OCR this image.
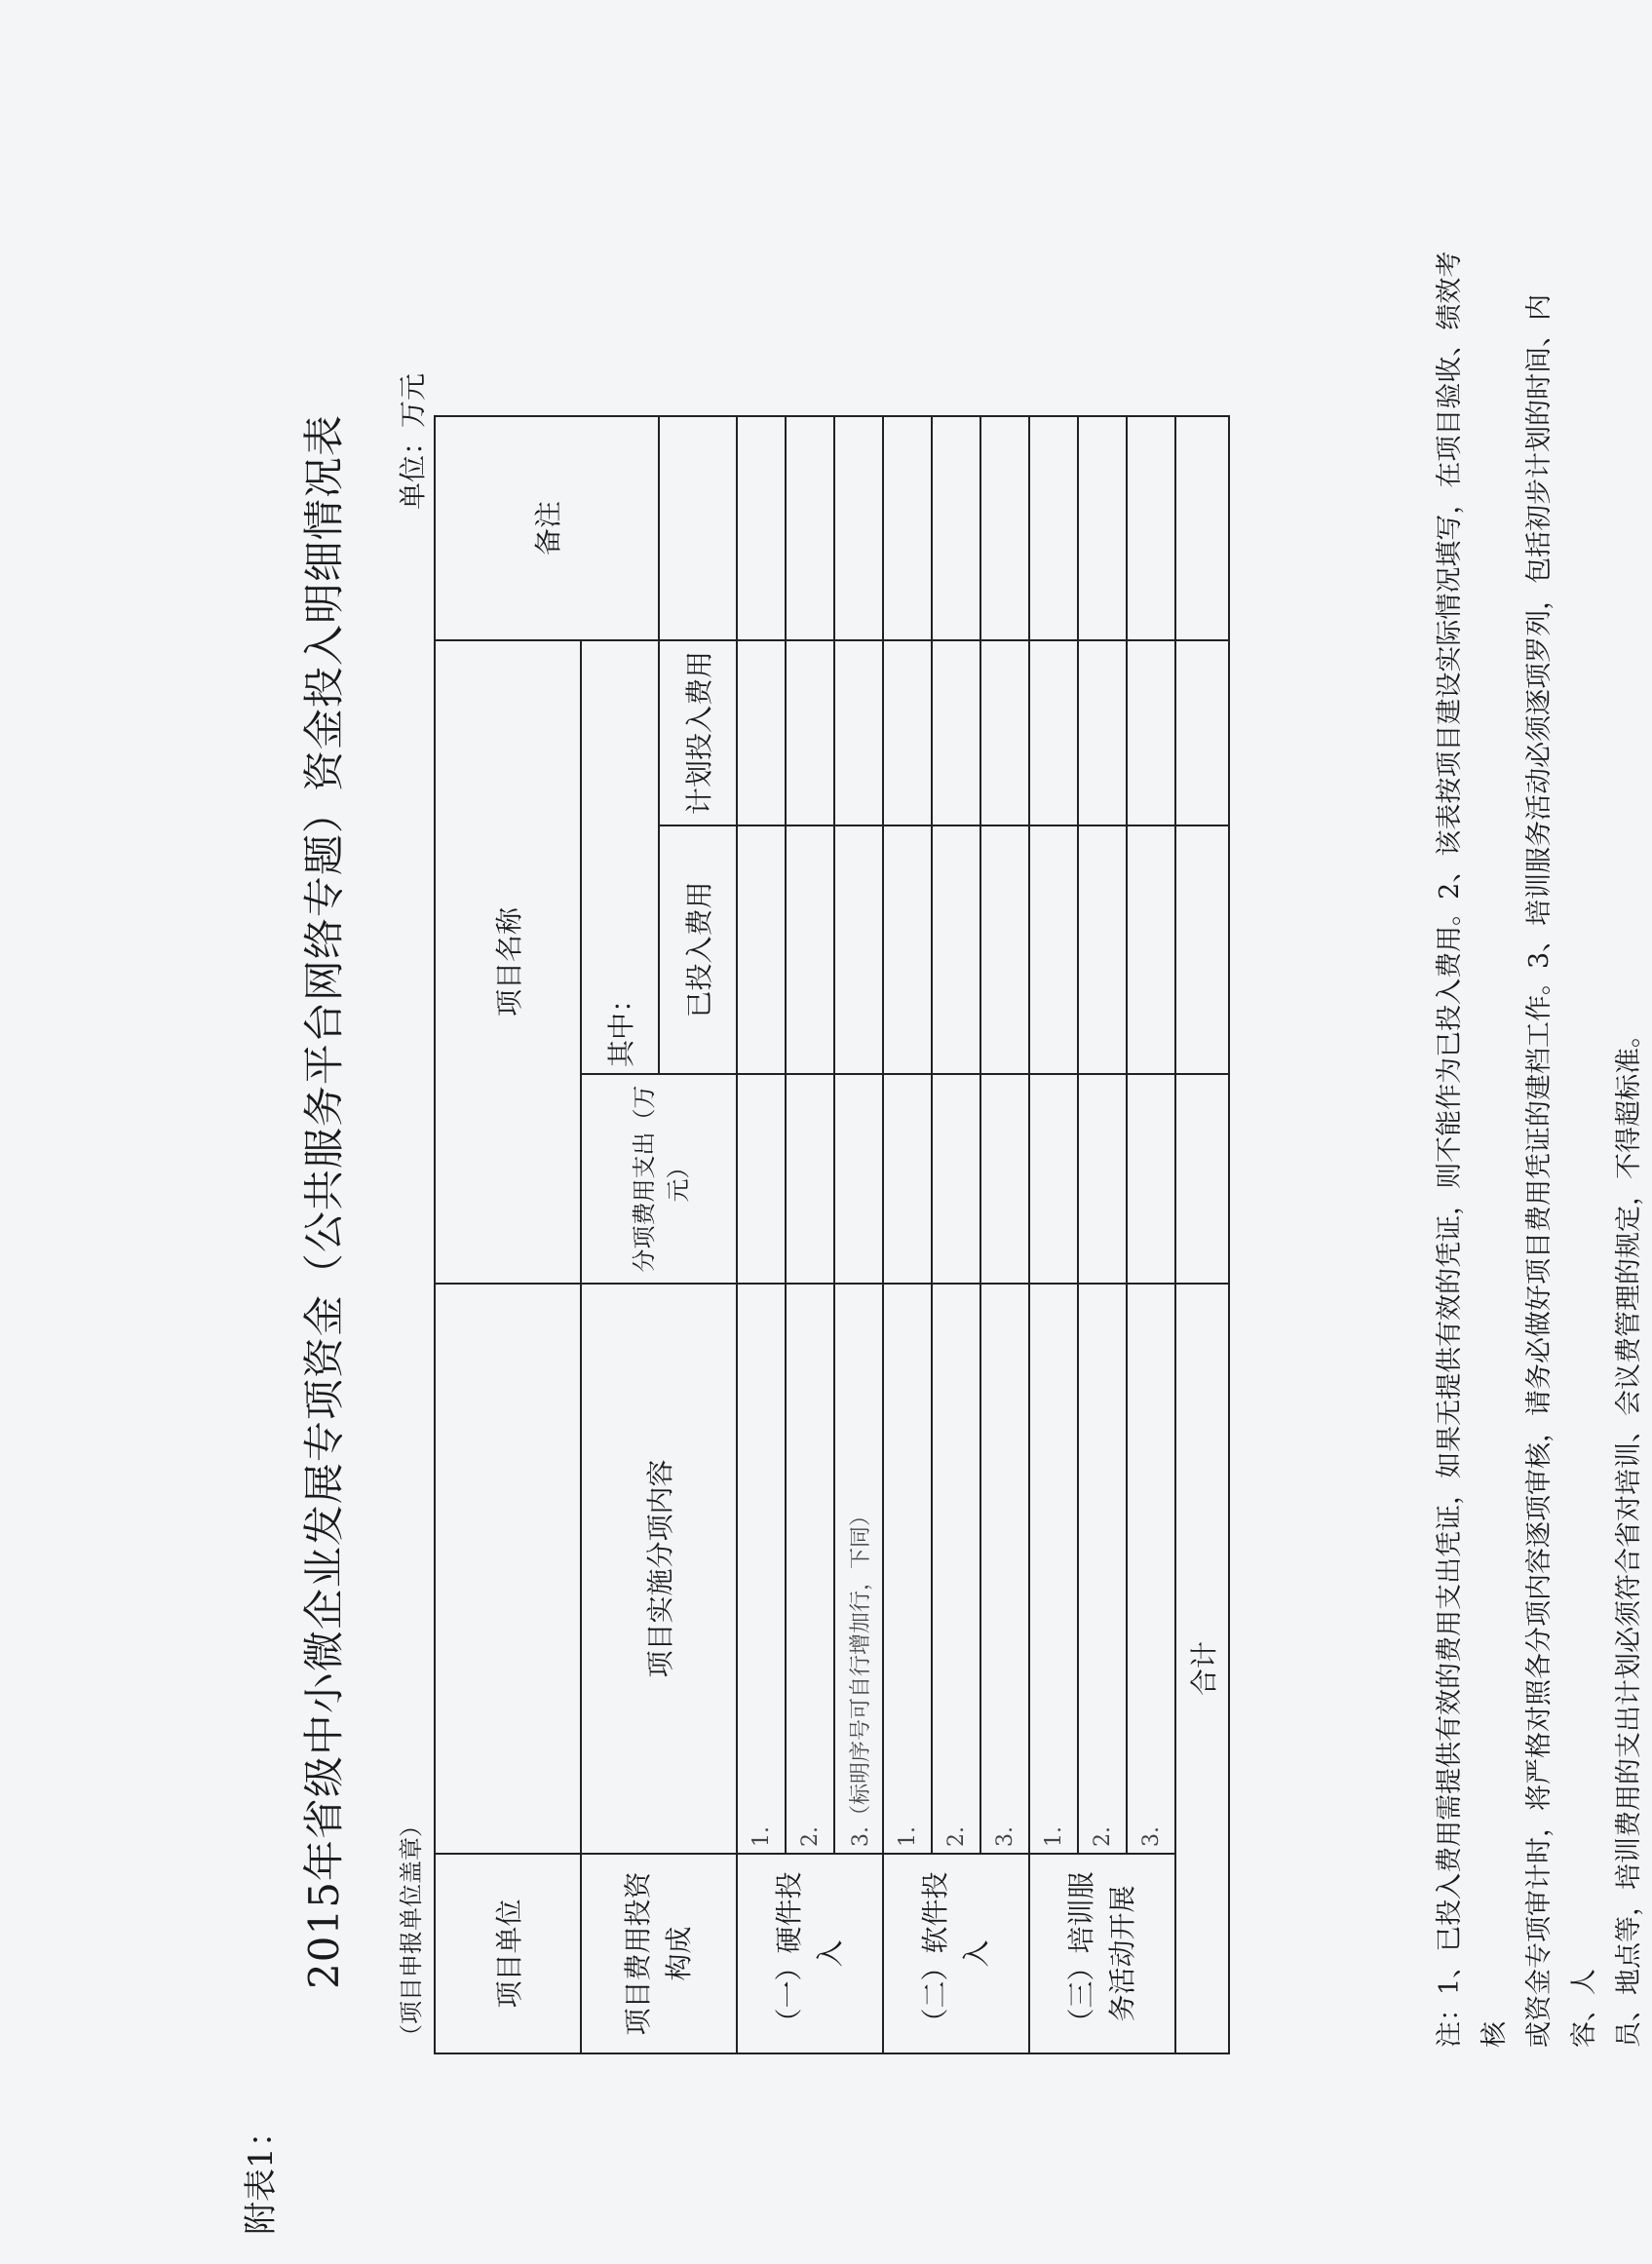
附表1：
2015年省级中小微企业发展专项资金（公共服务平台网络专题）资金投入明细情况表 （项目申报单位盖章）
单位：万元
项目单位		项目名称			备注
项目费用投资构成	项目实施分项内容	分项费用支出（万元）	其中：		
			已投入费用	计划投入费用	
（一）硬件投入	1.				
	2.				
	3.（标明序号可自行增加行，下同）				
（二）软件投入	1.				
	2.				
	3.				
（三）培训服务活动开展	1.				
	2.				
	3.				
合计						注：1、已投入费用需提供有效的费用支出凭证，如果无提供有效的凭证，则不能作为已投入费用。2、该表按项目建设实际情况填写，在项目验收、绩效考核 或资金专项审计时，将严格对照各分项内容逐项审核，请务必做好项目费用凭证的建档工作。3、培训服务活动必须逐项罗列，包括初步计划的时间、内容、人 员、地点等，培训费用的支出计划必须符合省对培训、会议费管理的规定，不得超标准。
